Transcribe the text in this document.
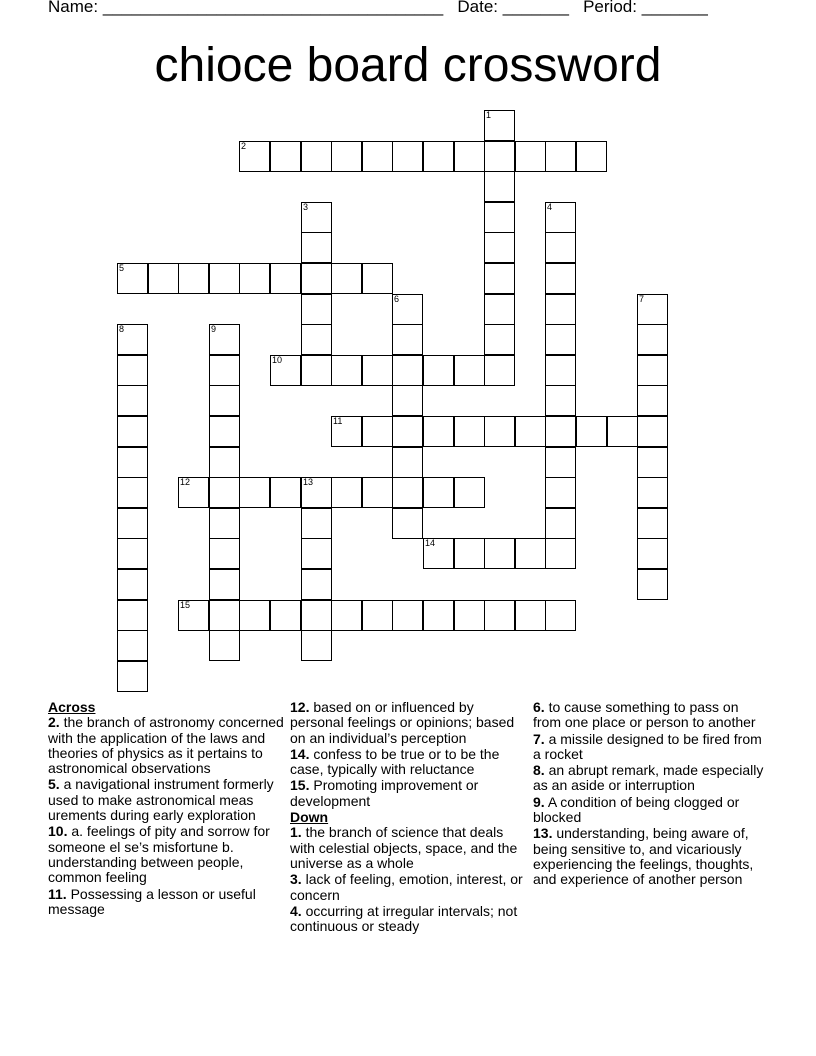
Name: ____________________________________ Date: _______ Period: _______
chioce board crossword
1
2
3	4
5
6	7
8	9
10
11
12	13
14
15
Across
2. the branch of astronomy concerned with the application of the laws and theories of physics as it pertains to astronomical observations
5. a navigational instrument formerly used to make astronomical meas urements during early exploration
10. a. feelings of pity and sorrow for someone el se’s misfortune b. understanding between people, common feeling
11. Possessing a lesson or useful message
12. based on or influenced by personal feelings or opinions; based on an individual’s perception
14. confess to be true or to be the case, typically with reluctance
15. Promoting improvement or development
Down
1. the branch of science that deals with celestial objects, space, and the universe as a whole
3. lack of feeling, emotion, interest, or concern
4. occurring at irregular intervals; not continuous or steady
6. to cause something to pass on from one place or person to another
7. a missile designed to be fired from a rocket
8. an abrupt remark, made especially as an aside or interruption
9. A condition of being clogged or blocked
13. understanding, being aware of, being sensitive to, and vicariously experiencing the feelings, thoughts, and experience of another person
